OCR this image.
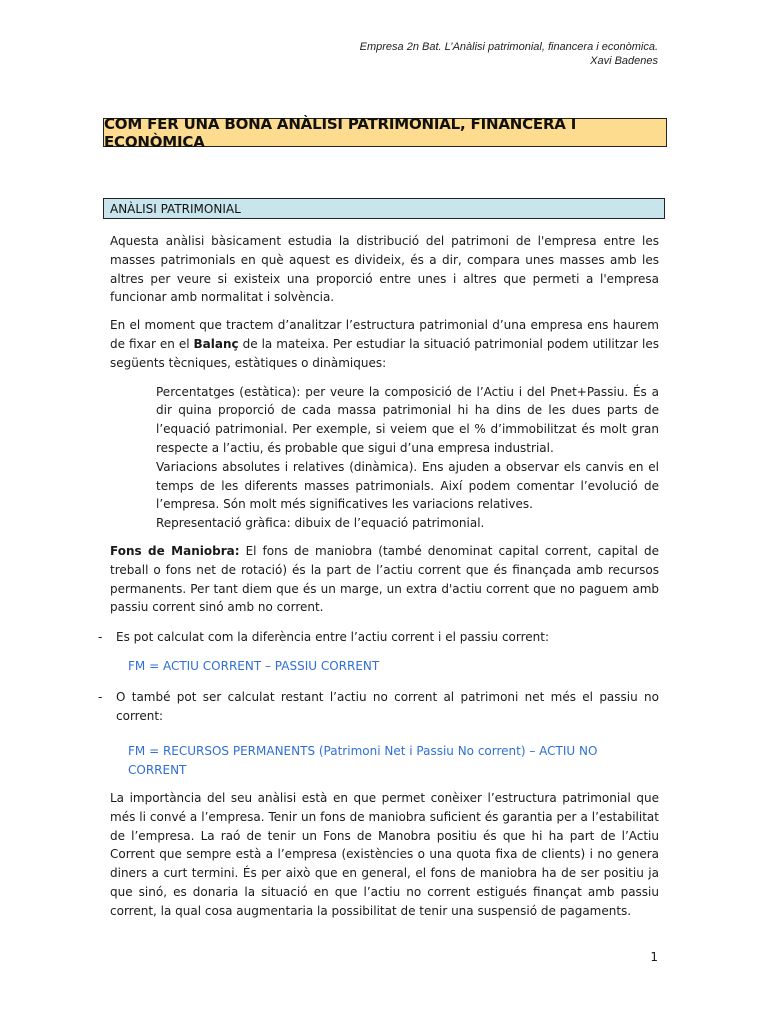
Empresa 2n Bat. L’Anàlisi patrimonial, financera i econòmica.
Xavi Badenes
COM FER UNA BONA ANÀLISI PATRIMONIAL, FINANCERA I ECONÒMICA
ANÀLISI PATRIMONIAL

Aquesta anàlisi bàsicament estudia la distribució del patrimoni de l'empresa entre les masses patrimonials en què aquest es divideix, és a dir, compara unes masses amb les altres per veure si existeix una proporció entre unes i altres que permeti a l'empresa funcionar amb normalitat i solvència.

En el moment que tractem d’analitzar l’estructura patrimonial d’una empresa ens haurem de fixar en el Balanç de la mateixa. Per estudiar la situació patrimonial podem utilitzar les següents tècniques, estàtiques o dinàmiques:

Percentatges (estàtica): per veure la composició de l’Actiu i del Pnet+Passiu. És a dir quina proporció de cada massa patrimonial hi ha dins de les dues parts de l’equació patrimonial. Per exemple, si veiem que el % d’immobilitzat és molt gran respecte a l’actiu, és probable que sigui d’una empresa industrial.

Variacions absolutes i relatives (dinàmica). Ens ajuden a observar els canvis en el temps de les diferents masses patrimonials. Així podem comentar l’evolució de l’empresa. Són molt més significatives les variacions relatives.

Representació gràfica: dibuix de l’equació patrimonial.

Fons de Maniobra: El fons de maniobra (també denominat capital corrent, capital de treball o fons net de rotació) és la part de l’actiu corrent que és finançada amb recursos permanents. Per tant diem que és un marge, un extra d'actiu corrent que no paguem amb passiu corrent sinó amb no corrent.

-	Es pot calculat com la diferència entre l’actiu corrent i el passiu corrent:
FM = ACTIU CORRENT – PASSIU CORRENT
-	O també pot ser calculat restant l’actiu no corrent al patrimoni net més el passiu no corrent:
FM = RECURSOS PERMANENTS (Patrimoni Net i Passiu No corrent) – ACTIU NO CORRENT

La importància del seu anàlisi està en que permet conèixer l’estructura patrimonial que més li convé a l’empresa. Tenir un fons de maniobra suficient és garantia per a l’estabilitat de l’empresa. La raó de tenir un Fons de Manobra positiu és que hi ha part de l’Actiu Corrent que sempre està a l’empresa (existències o una quota fixa de clients) i no genera diners a curt termini. És per això que en general, el fons de maniobra ha de ser positiu ja que sinó, es donaria la situació en que l’actiu no corrent estigués finançat amb passiu corrent, la qual cosa augmentaria la possibilitat de tenir una suspensió de pagaments.

1
